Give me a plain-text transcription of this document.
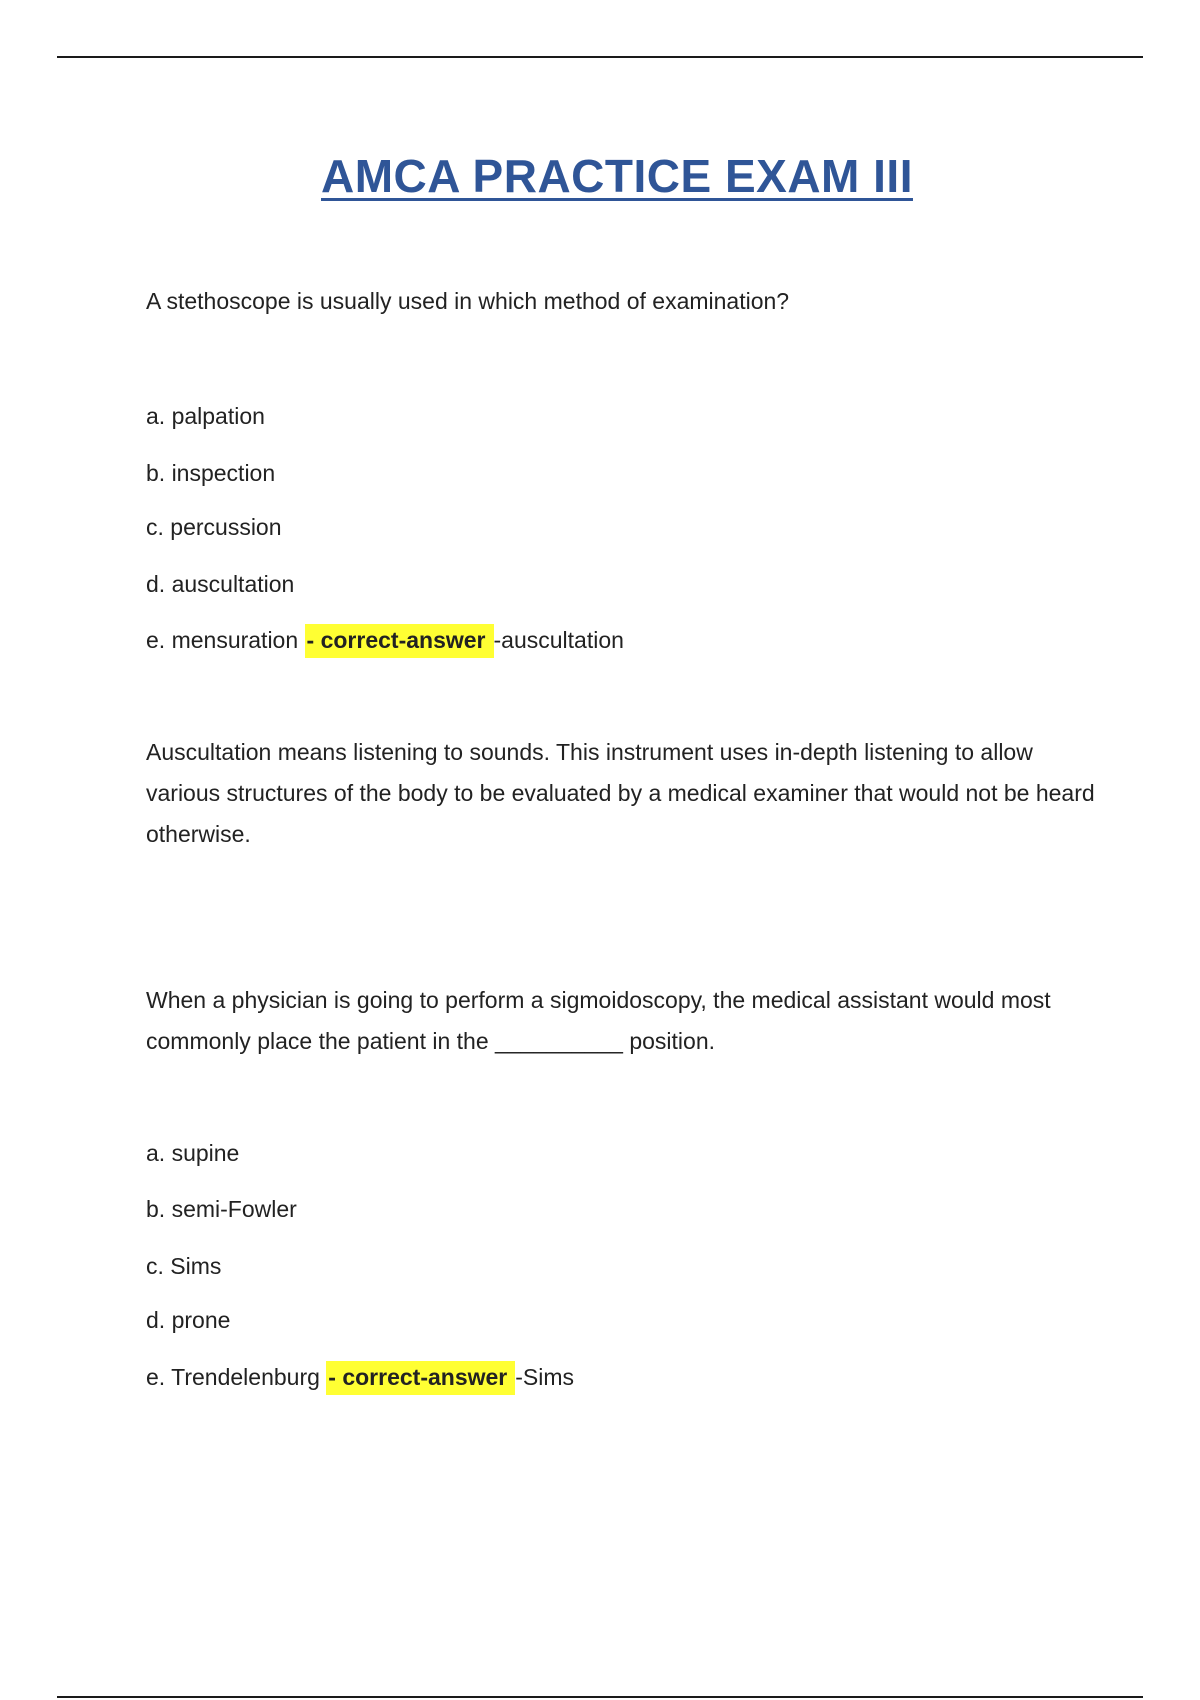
AMCA PRACTICE EXAM III

A stethoscope is usually used in which method of examination?

a. palpation

b. inspection

c. percussion

d. auscultation

e. mensuration - correct-answer -auscultation

Auscultation means listening to sounds. This instrument uses in-depth listening to allow various structures of the body to be evaluated by a medical examiner that would not be heard otherwise.

When a physician is going to perform a sigmoidoscopy, the medical assistant would most commonly place the patient in the __________ position.

a. supine

b. semi-Fowler

c. Sims

d. prone

e. Trendelenburg - correct-answer -Sims
